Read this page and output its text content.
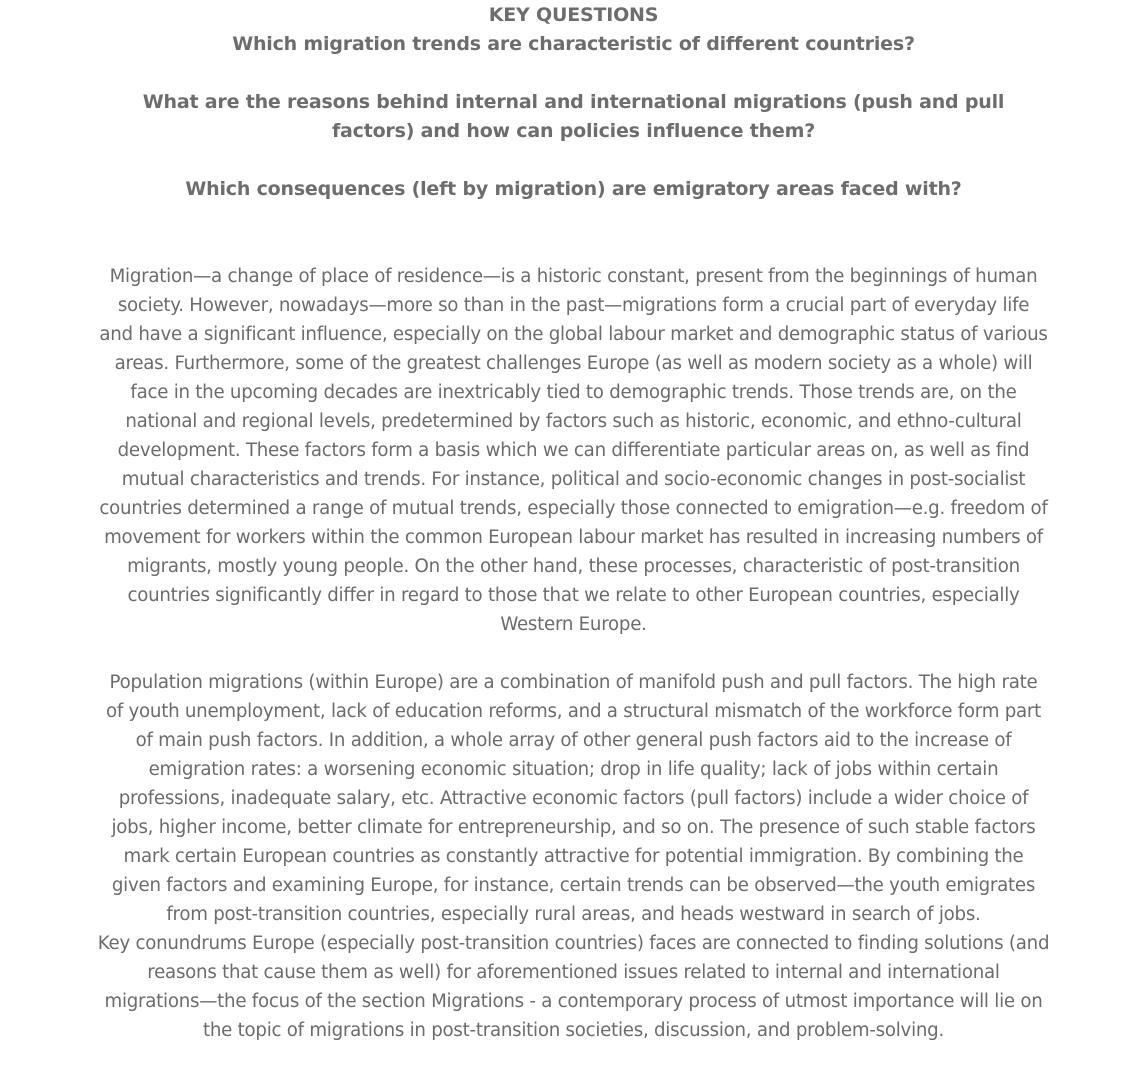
KEY QUESTIONS
Which migration trends are characteristic of different countries?
What are the reasons behind internal and international migrations (push and pull
factors) and how can policies influence them?
Which consequences (left by migration) are emigratory areas faced with?
Migration—a change of place of residence—is a historic constant, present from the beginnings of human
society. However, nowadays—more so than in the past—migrations form a crucial part of everyday life
and have a significant influence, especially on the global labour market and demographic status of various
areas. Furthermore, some of the greatest challenges Europe (as well as modern society as a whole) will
face in the upcoming decades are inextricably tied to demographic trends. Those trends are, on the
national and regional levels, predetermined by factors such as historic, economic, and ethno-cultural
development. These factors form a basis which we can differentiate particular areas on, as well as find
mutual characteristics and trends. For instance, political and socio-economic changes in post-socialist
countries determined a range of mutual trends, especially those connected to emigration—e.g. freedom of
movement for workers within the common European labour market has resulted in increasing numbers of
migrants, mostly young people. On the other hand, these processes, characteristic of post-transition
countries significantly differ in regard to those that we relate to other European countries, especially
Western Europe.
Population migrations (within Europe) are a combination of manifold push and pull factors. The high rate
of youth unemployment, lack of education reforms, and a structural mismatch of the workforce form part
of main push factors. In addition, a whole array of other general push factors aid to the increase of
emigration rates: a worsening economic situation; drop in life quality; lack of jobs within certain
professions, inadequate salary, etc. Attractive economic factors (pull factors) include a wider choice of
jobs, higher income, better climate for entrepreneurship, and so on. The presence of such stable factors
mark certain European countries as constantly attractive for potential immigration. By combining the
given factors and examining Europe, for instance, certain trends can be observed—the youth emigrates
from post-transition countries, especially rural areas, and heads westward in search of jobs.
Key conundrums Europe (especially post-transition countries) faces are connected to finding solutions (and
reasons that cause them as well) for aforementioned issues related to internal and international
migrations—the focus of the section Migrations - a contemporary process of utmost importance will lie on
the topic of migrations in post-transition societies, discussion, and problem-solving.
